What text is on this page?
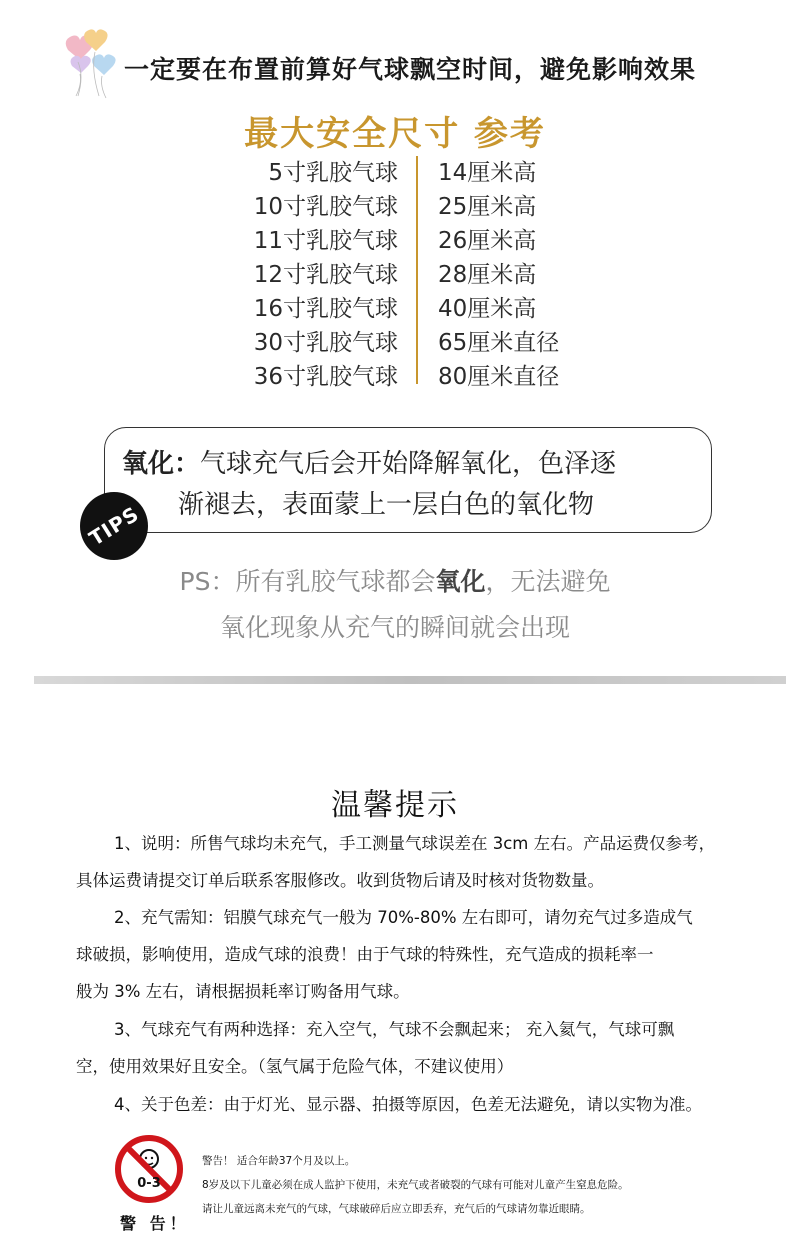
一定要在布置前算好气球飘空时间，避免影响效果
最大安全尺寸 参考
5寸乳胶气球 14厘米高
10寸乳胶气球 25厘米高
11寸乳胶气球 26厘米高
12寸乳胶气球 28厘米高
16寸乳胶气球 40厘米高
30寸乳胶气球 65厘米直径
36寸乳胶气球 80厘米直径
氧化：气球充气后会开始降解氧化，色泽逐
渐褪去，表面蒙上一层白色的氧化物
TIPS
PS：所有乳胶气球都会氧化，无法避免
氧化现象从充气的瞬间就会出现
温馨提示
1、说明：所售气球均未充气，手工测量气球误差在 3cm 左右。产品运费仅参考，
具体运费请提交订单后联系客服修改。收到货物后请及时核对货物数量。
2、充气需知：铝膜气球充气一般为 70%-80% 左右即可，请勿充气过多造成气
球破损，影响使用，造成气球的浪费！由于气球的特殊性，充气造成的损耗率一
般为 3% 左右，请根据损耗率订购备用气球。
3、气球充气有两种选择：充入空气，气球不会飘起来； 充入氦气，气球可飘
空，使用效果好且安全。（氢气属于危险气体，不建议使用）
4、关于色差：由于灯光、显示器、拍摄等原因，色差无法避免，请以实物为准。
0-3
警 告！
警告！ 适合年龄37个月及以上。
8岁及以下儿童必须在成人监护下使用，未充气或者破裂的气球有可能对儿童产生窒息危险。
请让儿童远离未充气的气球，气球破碎后应立即丢弃，充气后的气球请勿靠近眼睛。
